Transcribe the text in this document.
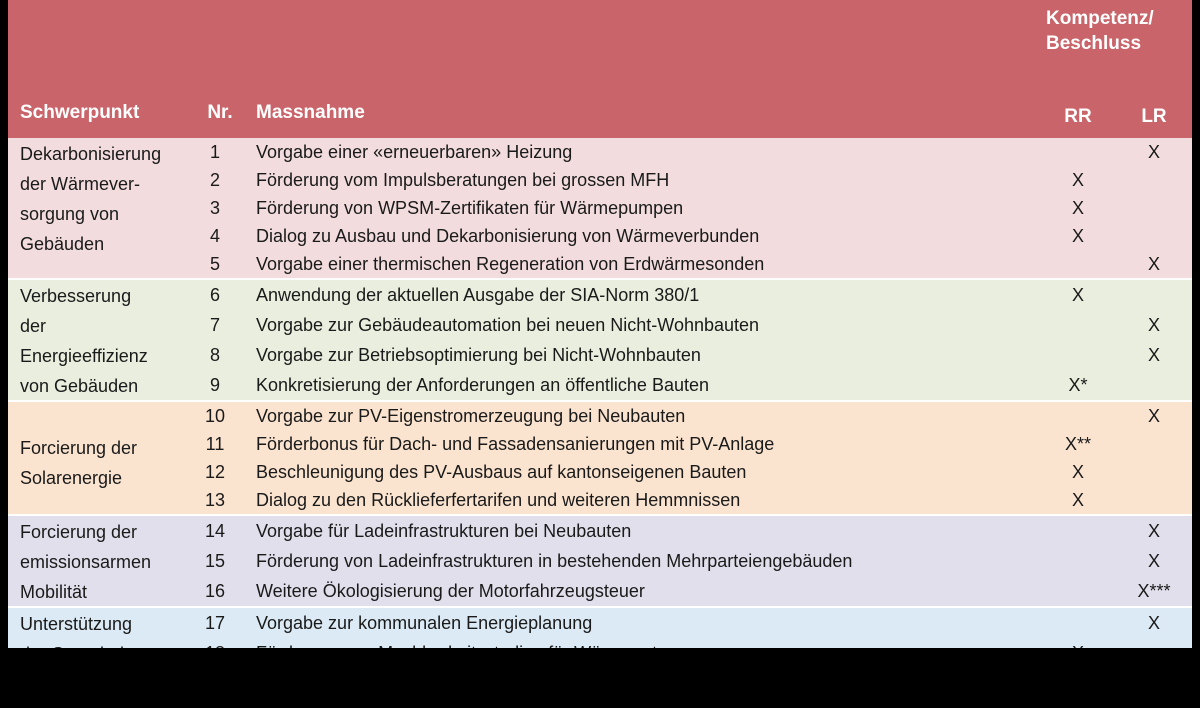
Schwerpunkt	Nr.	Massnahme	Kompetenz/
Beschluss	

			RR	LR

Dekarbonisierung
der Wärmever-
sorgung von
Gebäuden	1	Vorgabe einer «erneuerbaren» Heizung		X
	2	Förderung vom Impulsberatungen bei grossen MFH	X	
	3	Förderung von WPSM-Zertifikaten für Wärmepumpen	X	
	4	Dialog zu Ausbau und Dekarbonisierung von Wärmeverbunden	X	
	5	Vorgabe einer thermischen Regeneration von Erdwärmesonden		X

Verbesserung
der
Energieeffizienz
von Gebäuden	6	Anwendung der aktuellen Ausgabe der SIA-Norm 380/1	X	
	7	Vorgabe zur Gebäudeautomation bei neuen Nicht-Wohnbauten		X
	8	Vorgabe zur Betriebsoptimierung bei Nicht-Wohnbauten		X
	9	Konkretisierung der Anforderungen an öffentliche Bauten	X*	

Forcierung der
Solarenergie	10	Vorgabe zur PV-Eigenstromerzeugung bei Neubauten		X
	11	Förderbonus für Dach- und Fassadensanierungen mit PV-Anlage	X**	
	12	Beschleunigung des PV-Ausbaus auf kantonseigenen Bauten	X	
	13	Dialog zu den Rücklieferfertarifen und weiteren Hemmnissen	X	

Forcierung der
emissionsarmen
Mobilität	14	Vorgabe für Ladeinfrastrukturen bei Neubauten		X
	15	Förderung von Ladeinfrastrukturen in bestehenden Mehrparteiengebäuden		X
	16	Weitere Ökologisierung der Motorfahrzeugsteuer		X***

Unterstützung	17	Vorgabe zur kommunalen Energieplanung		X
